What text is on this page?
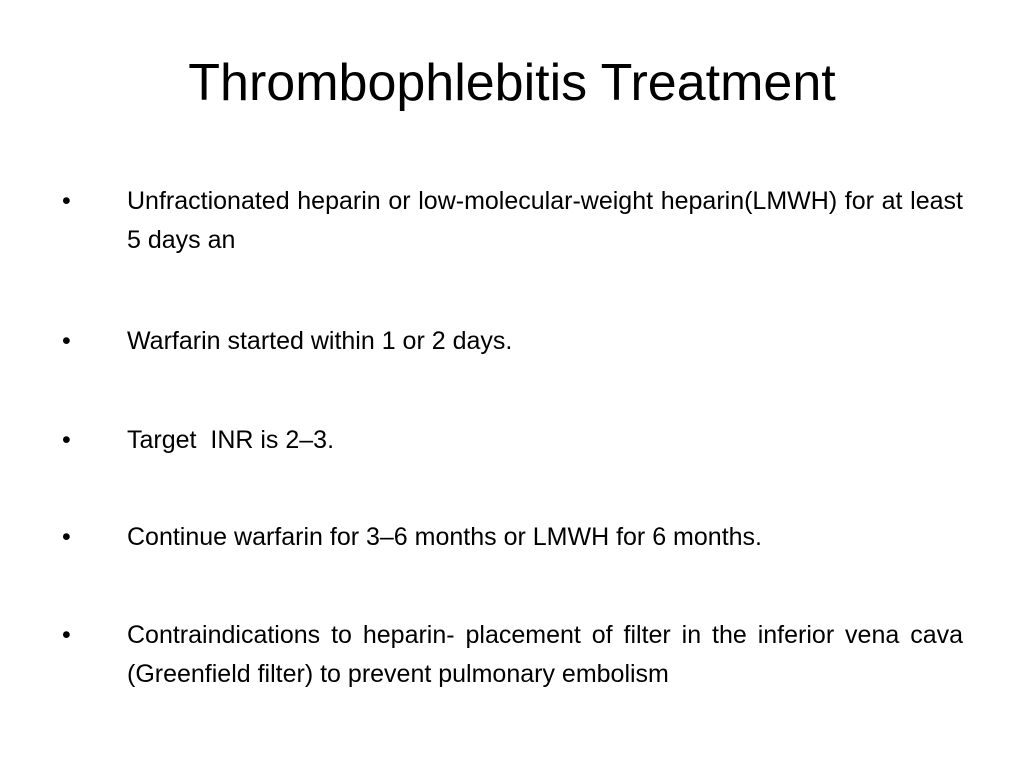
Thrombophlebitis Treatment
• Unfractionated heparin or low-molecular-weight heparin(LMWH) for at least 5 days an
• Warfarin started within 1 or 2 days.
• Target  INR is 2–3.
• Continue warfarin for 3–6 months or LMWH for 6 months.
• Contraindications to heparin- placement of filter in the inferior vena cava (Greenfield filter) to prevent pulmonary embolism
